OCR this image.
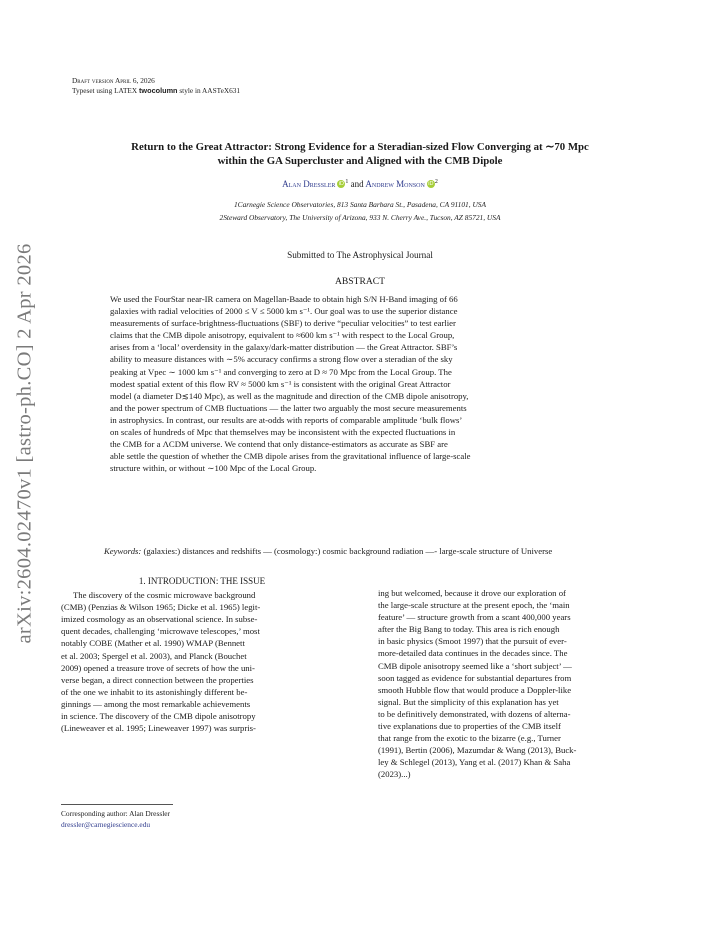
arXiv:2604.02470v1 [astro-ph.CO] 2 Apr 2026
Draft version April 6, 2026
Typeset using LATEX twocolumn style in AASTeX631
Return to the Great Attractor: Strong Evidence for a Steradian-sized Flow Converging at ∼70 Mpc
within the GA Supercluster and Aligned with the CMB Dipole
Alan Dressler $iD^1$ and Andrew Monson $iD^2$
1Carnegie Science Observatories, 813 Santa Barbara St., Pasadena, CA 91101, USA
2Steward Observatory, The University of Arizona, 933 N. Cherry Ave., Tucson, AZ 85721, USA
Submitted to The Astrophysical Journal
ABSTRACT
We used the FourStar near-IR camera on Magellan-Baade to obtain high S/N H-Band imaging of 66
galaxies with radial velocities of 2000 ≤ V ≤ 5000 km s⁻¹. Our goal was to use the superior distance
measurements of surface-brightness-fluctuations (SBF) to derive “peculiar velocities” to test earlier
claims that the CMB dipole anisotropy, equivalent to ≈600 km s⁻¹ with respect to the Local Group,
arises from a ‘local’ overdensity in the galaxy/dark-matter distribution — the Great Attractor. SBF’s
ability to measure distances with ∼5% accuracy confirms a strong flow over a steradian of the sky
peaking at Vpec ∼ 1000 km s⁻¹ and converging to zero at D ≈ 70 Mpc from the Local Group. The
modest spatial extent of this flow RV ≈ 5000 km s⁻¹ is consistent with the original Great Attractor
model (a diameter D≲140 Mpc), as well as the magnitude and direction of the CMB dipole anisotropy,
and the power spectrum of CMB fluctuations — the latter two arguably the most secure measurements
in astrophysics. In contrast, our results are at-odds with reports of comparable amplitude ‘bulk flows’
on scales of hundreds of Mpc that themselves may be inconsistent with the expected fluctuations in
the CMB for a ΛCDM universe. We contend that only distance-estimators as accurate as SBF are
able settle the question of whether the CMB dipole arises from the gravitational influence of large-scale
structure within, or without ∼100 Mpc of the Local Group.
Keywords: (galaxies:) distances and redshifts — (cosmology:) cosmic background radiation —- large-scale structure of Universe
1. INTRODUCTION: THE ISSUE
The discovery of the cosmic microwave background
(CMB) (Penzias & Wilson 1965; Dicke et al. 1965) legit-
imized cosmology as an observational science. In subse-
quent decades, challenging ‘microwave telescopes,’ most
notably COBE (Mather et al. 1990) WMAP (Bennett
et al. 2003; Spergel et al. 2003), and Planck (Bouchet
2009) opened a treasure trove of secrets of how the uni-
verse began, a direct connection between the properties
of the one we inhabit to its astonishingly different be-
ginnings — among the most remarkable achievements
in science. The discovery of the CMB dipole anisotropy
(Lineweaver et al. 1995; Lineweaver 1997) was surpris-
ing but welcomed, because it drove our exploration of
the large-scale structure at the present epoch, the ‘main
feature’ — structure growth from a scant 400,000 years
after the Big Bang to today. This area is rich enough
in basic physics (Smoot 1997) that the pursuit of ever-
more-detailed data continues in the decades since. The
CMB dipole anisotropy seemed like a ‘short subject’ —
soon tagged as evidence for substantial departures from
smooth Hubble flow that would produce a Doppler-like
signal. But the simplicity of this explanation has yet
to be definitively demonstrated, with dozens of alterna-
tive explanations due to properties of the CMB itself
that range from the exotic to the bizarre (e.g., Turner
(1991), Bertin (2006), Mazumdar & Wang (2013), Buck-
ley & Schlegel (2013), Yang et al. (2017) Khan & Saha
(2023)...)
Corresponding author: Alan Dressler
dressler@carnegiescience.edu
